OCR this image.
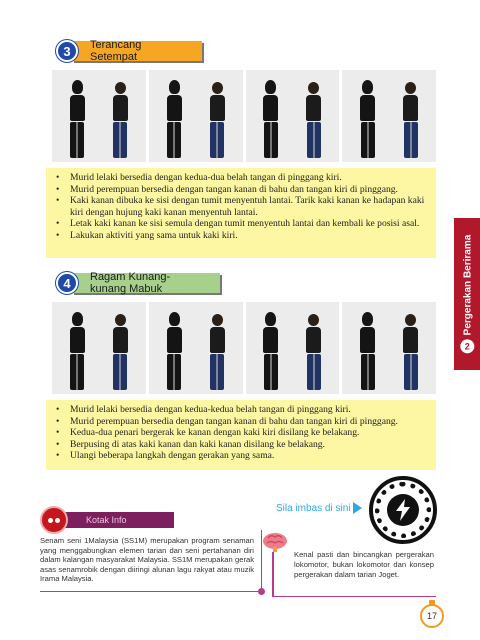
3	Terancang Setempat
• Murid lelaki bersedia dengan kedua-dua belah tangan di pinggang kiri.
• Murid perempuan bersedia dengan tangan kanan di bahu dan tangan kiri di pinggang.
• Kaki kanan dibuka ke sisi dengan tumit menyentuh lantai. Tarik kaki kanan ke hadapan kaki kiri dengan hujung kaki kanan menyentuh lantai.
• Letak kaki kanan ke sisi semula dengan tumit menyentuh lantai dan kembali ke posisi asal.
• Lakukan aktiviti yang sama untuk kaki kiri.
4	Ragam Kunang-kunang Mabuk
• Murid lelaki bersedia dengan kedua-kedua belah tangan di pinggang kiri.
• Murid perempuan bersedia dengan tangan kanan di bahu dan tangan kiri di pinggang.
• Kedua-dua penari bergerak ke kanan dengan kaki kiri disilang ke belakang.
• Berpusing di atas kaki kanan dan kaki kanan disilang ke belakang.
• Ulangi beberapa langkah dengan gerakan yang sama.
2
Pergerakan Berirama
Kotak Info
Senam seni 1Malaysia (SS1M) merupakan program senaman yang menggabungkan elemen tarian dan seni pertahanan diri dalam kalangan masyarakat Malaysia. SS1M merupakan gerak asas senamrobik dengan diiringi alunan lagu rakyat atau muzik Irama Malaysia.
Sila imbas di sini
Kenal pasti dan bincangkan pergerakan lokomotor, bukan lokomotor dan konsep pergerakan dalam tarian Joget.
17
